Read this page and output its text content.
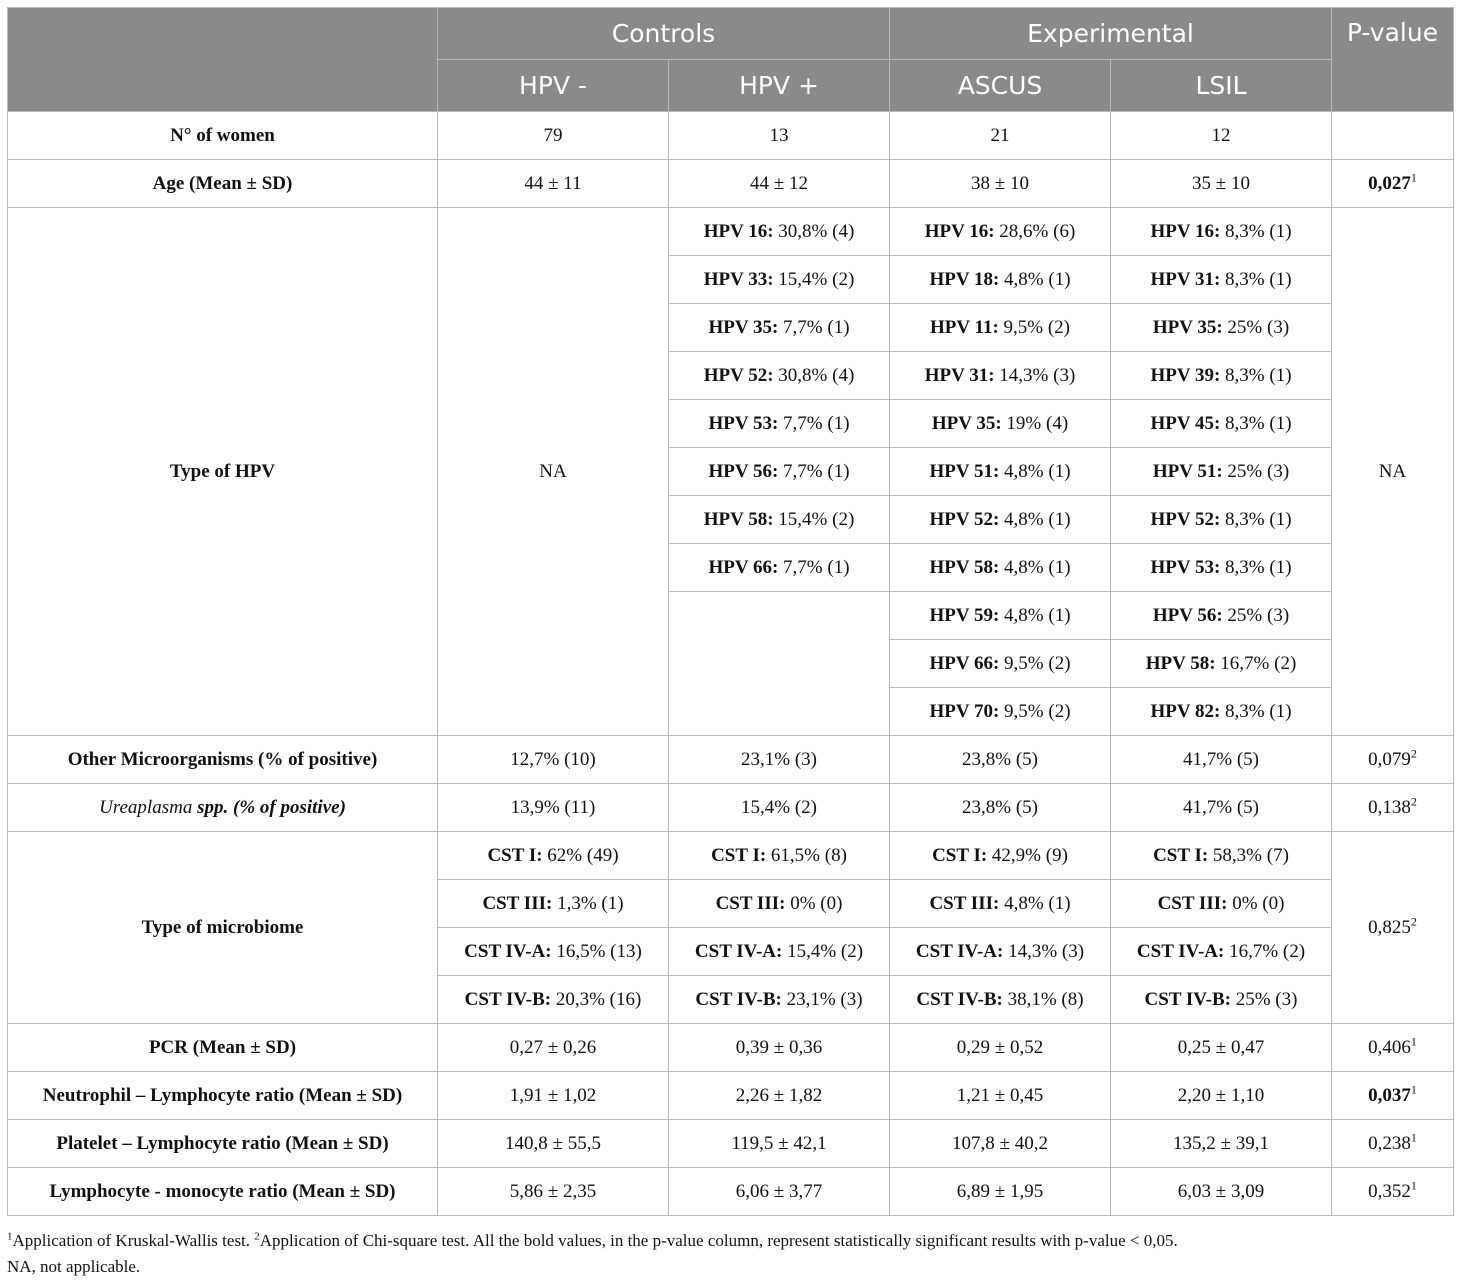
	Controls		Experimental		P-value
	HPV -	HPV +	ASCUS	LSIL	
N° of women	79	13	21	12	
Age (Mean ± SD)	44 ± 11	44 ± 12	38 ± 10	35 ± 10	0,027$^1$
Type of HPV	NA	HPV 16: 30,8% (4)	HPV 16: 28,6% (6)	HPV 16: 8,3% (1)	NA
		HPV 33: 15,4% (2)	HPV 18: 4,8% (1)	HPV 31: 8,3% (1)	
		HPV 35: 7,7% (1)	HPV 11: 9,5% (2)	HPV 35: 25% (3)	
		HPV 52: 30,8% (4)	HPV 31: 14,3% (3)	HPV 39: 8,3% (1)	
		HPV 53: 7,7% (1)	HPV 35: 19% (4)	HPV 45: 8,3% (1)	
		HPV 56: 7,7% (1)	HPV 51: 4,8% (1)	HPV 51: 25% (3)	
		HPV 58: 15,4% (2)	HPV 52: 4,8% (1)	HPV 52: 8,3% (1)	
		HPV 66: 7,7% (1)	HPV 58: 4,8% (1)	HPV 53: 8,3% (1)	
			HPV 59: 4,8% (1)	HPV 56: 25% (3)	
			HPV 66: 9,5% (2)	HPV 58: 16,7% (2)	
			HPV 70: 9,5% (2)	HPV 82: 8,3% (1)	
Other Microorganisms (% of positive)	12,7% (10)	23,1% (3)	23,8% (5)	41,7% (5)	0,079$^2$
Ureaplasma spp. (% of positive)	13,9% (11)	15,4% (2)	23,8% (5)	41,7% (5)	0,138$^2$
Type of microbiome	CST I: 62% (49)	CST I: 61,5% (8)	CST I: 42,9% (9)	CST I: 58,3% (7)	0,825$^2$
	CST III: 1,3% (1)	CST III: 0% (0)	CST III: 4,8% (1)	CST III: 0% (0)	
	CST IV-A: 16,5% (13)	CST IV-A: 15,4% (2)	CST IV-A: 14,3% (3)	CST IV-A: 16,7% (2)	
	CST IV-B: 20,3% (16)	CST IV-B: 23,1% (3)	CST IV-B: 38,1% (8)	CST IV-B: 25% (3)	
PCR (Mean ± SD)	0,27 ± 0,26	0,39 ± 0,36	0,29 ± 0,52	0,25 ± 0,47	0,406$^1$
Neutrophil – Lymphocyte ratio (Mean ± SD)	1,91 ± 1,02	2,26 ± 1,82	1,21 ± 0,45	2,20 ± 1,10	0,037$^1$
Platelet – Lymphocyte ratio (Mean ± SD)	140,8 ± 55,5	119,5 ± 42,1	107,8 ± 40,2	135,2 ± 39,1	0,238$^1$
Lymphocyte - monocyte ratio (Mean ± SD)	5,86 ± 2,35	6,06 ± 3,77	6,89 ± 1,95	6,03 ± 3,09	0,352$^1$
$^1$Application of Kruskal-Wallis test. $^2$Application of Chi-square test. All the bold values, in the p-value column, represent statistically significant results with p-value < 0,05.
NA, not applicable.
